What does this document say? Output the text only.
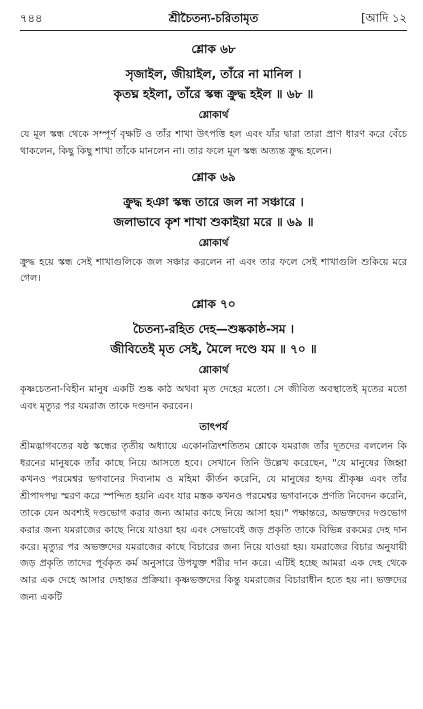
৭৪৪	শ্রীচৈতন্য-চরিতামৃত	[আদি ১২
শ্লোক ৬৮
সৃজাইল, জীয়াইল, তাঁরে না মানিল ।
কৃতঘ্ন হইলা, তাঁরে স্কন্ধ ক্রুদ্ধ হইল ॥ ৬৮ ॥
শ্লোকার্থ

যে মূল স্কন্ধ থেকে সম্পূর্ণ বৃক্ষটি ও তাঁর শাখা উৎপত্তি হল এবং যাঁর দ্বারা তারা প্রাণ ধারণ করে বেঁচে থাকলেন, কিছু কিছু শাখা তাঁকে মানলেন না। তার ফলে মূল স্কন্ধ অত্যন্ত ক্রুদ্ধ হলেন।

শ্লোক ৬৯
ক্রুদ্ধ হঞা স্কন্ধ তারে জল না সঞ্চারে ।
জলাভাবে কৃশ শাখা শুকাইয়া মরে ॥ ৬৯ ॥
শ্লোকার্থ

ক্রুদ্ধ হয়ে স্কন্ধ সেই শাখাগুলিকে জল সঞ্চার করলেন না এবং তার ফলে সেই শাখাগুলি শুকিয়ে মরে গেল।

শ্লোক ৭০
চৈতন্য-রহিত দেহ—শুষ্ককাষ্ঠ-সম ।
জীবিতেই মৃত সেই, মৈলে দণ্ডে যম ॥ ৭০ ॥
শ্লোকার্থ

কৃষ্ণচেতনা-বিহীন মানুষ একটি শুষ্ক কাঠ অথবা মৃত দেহের মতো। সে জীবিত অবস্থাতেই মৃতের মতো এবং মৃত্যুর পর যমরাজ তাকে দণ্ডদান করবেন।

তাৎপর্য

শ্রীমদ্ভাগবতের ষষ্ঠ স্কন্ধের তৃতীয় অধ্যায়ে একোনত্রিংশতিতম শ্লোকে যমরাজ তাঁর দূতদের বললেন কি ধরনের মানুষকে তাঁর কাছে নিয়ে আসতে হবে। সেখানে তিনি উল্লেখ করেছেন, "যে মানুষের জিহ্বা কখনও পরমেশ্বর ভগবানের দিব্যনাম ও মহিমা কীর্তন করেনি, যে মানুষের হৃদয় শ্রীকৃষ্ণ এবং তাঁর শ্রীপাদপদ্ম স্মরণ করে স্পন্দিত হয়নি এবং যার মস্তক কখনও পরমেশ্বর ভগবানকে প্রণতি নিবেদন করেনি, তাকে যেন অবশ্যই দণ্ডভোগ করার জন্য আমার কাছে নিয়ে আসা হয়।" পক্ষান্তরে, অভক্তদের দণ্ডভোগ করার জন্য যমরাজের কাছে নিয়ে যাওয়া হয় এবং সেভাবেই জড় প্রকৃতি তাকে বিভিন্ন রকমের দেহ দান করে। মৃত্যুর পর অভক্তদের যমরাজের কাছে বিচারের জন্য নিয়ে যাওয়া হয়। যমরাজের বিচার অনুযায়ী জড় প্রকৃতি তাদের পূর্বকৃত কর্ম অনুসারে উপযুক্ত শরীর দান করে। এটিই হচ্ছে আমরা এক দেহ থেকে আর এক দেহে আসার দেহান্তর প্রক্রিয়া। কৃষ্ণভক্তদের কিন্তু যমরাজের বিচারাধীন হতে হয় না। ভক্তদের জন্য একটি
